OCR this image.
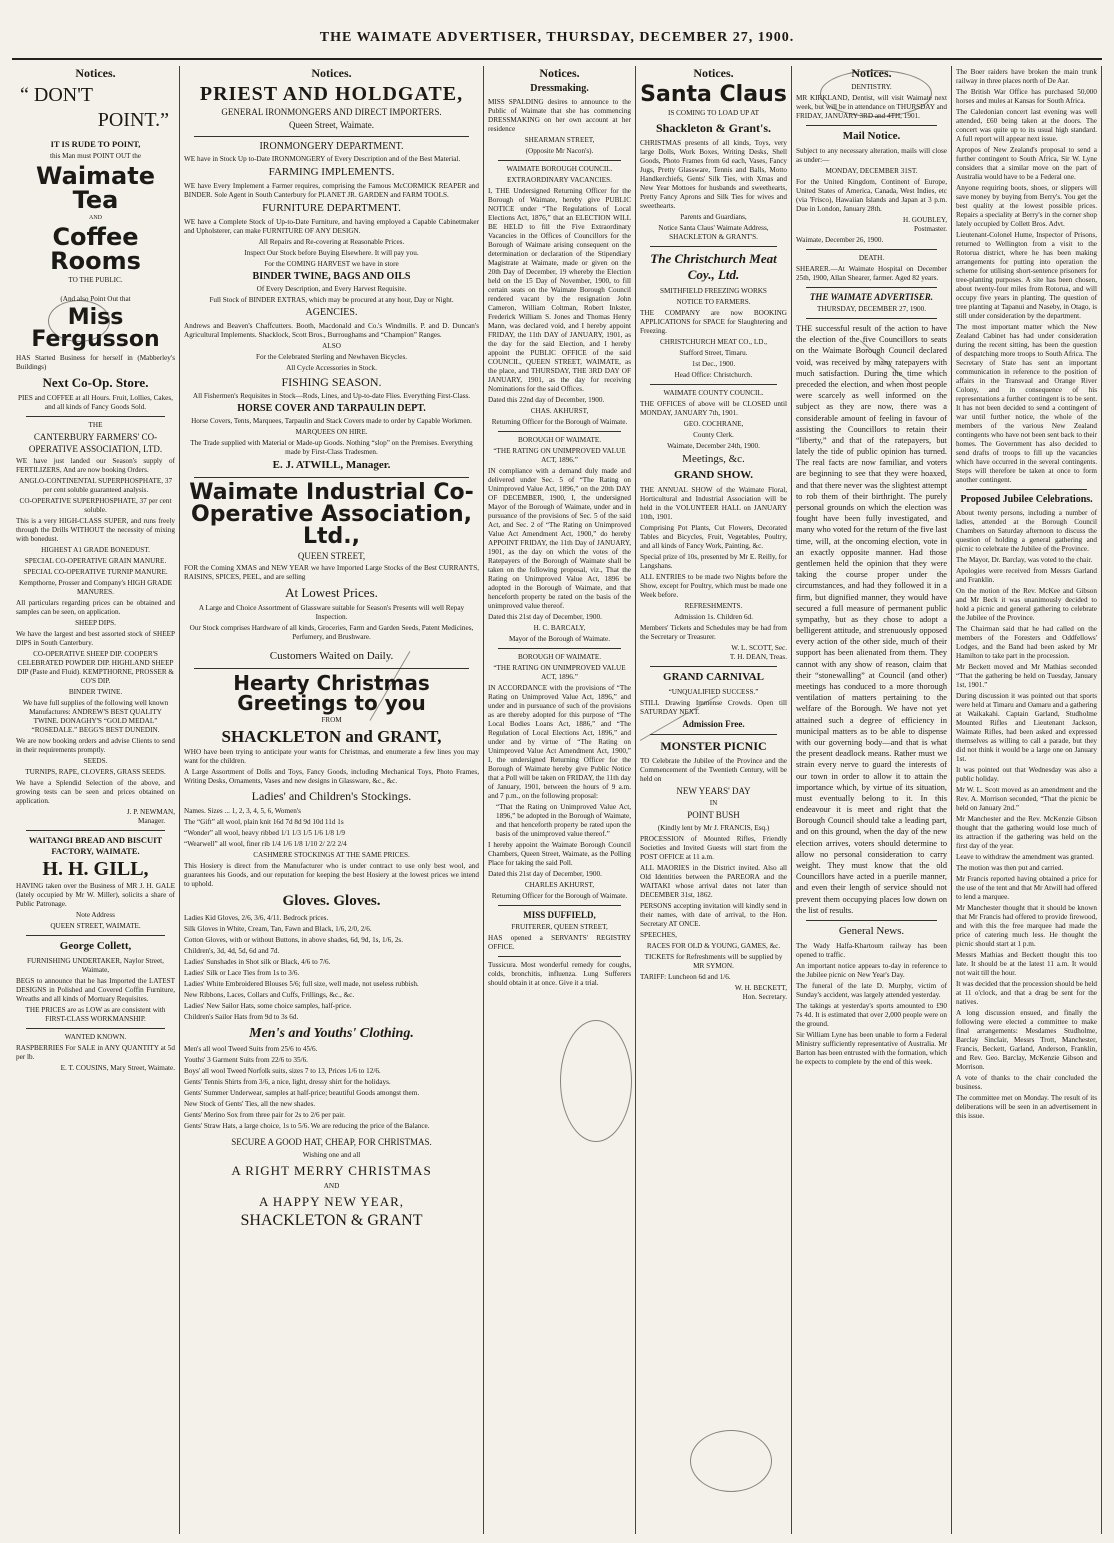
THE WAIMATE ADVERTISER, THURSDAY, DECEMBER 27, 1900.
Notices.
“ DON'T
POINT.”
IT IS RUDE TO POINT,
this Man must POINT OUT the
Waimate Tea
AND
Coffee Rooms
TO THE PUBLIC.
(And also Point Out that
Miss Fergusson
HAS Started Business for herself in (Mabberley's Buildings)
Next Co-Op. Store.
PIES and COFFEE at all Hours. Fruit, Lollies, Cakes, and all kinds of Fancy Goods Sold.
THE
CANTERBURY FARMERS' CO-OPERATIVE ASSOCIATION, LTD.
WE have just landed our Season's supply of FERTILIZERS, And are now booking Orders.
ANGLO-CONTINENTAL SUPERPHOSPHATE, 37 per cent soluble guaranteed analysis.
CO-OPERATIVE SUPERPHOSPHATE, 37 per cent soluble.
This is a very HIGH-CLASS SUPER, and runs freely through the Drills WITHOUT the necessity of mixing with bonedust.
HIGHEST A1 GRADE BONEDUST.
SPECIAL CO-OPERATIVE GRAIN MANURE.
SPECIAL CO-OPERATIVE TURNIP MANURE.
Kempthorne, Prosser and Company's HIGH GRADE MANURES.
All particulars regarding prices can be obtained and samples can be seen, on application.
SHEEP DIPS.
We have the largest and best assorted stock of SHEEP DIPS in South Canterbury.
CO-OPERATIVE SHEEP DIP. COOPER'S CELEBRATED POWDER DIP. HIGHLAND SHEEP DIP (Paste and Fluid). KEMPTHORNE, PROSSER & CO'S DIP.
BINDER TWINE.
We have full supplies of the following well known Manufactures: ANDREW'S BEST QUALITY TWINE. DONAGHY'S “GOLD MEDAL” “ROSEDALE.” BEGG'S BEST DUNEDIN.
We are now booking orders and advise Clients to send in their requirements promptly.
SEEDS.
TURNIPS, RAPE, CLOVERS, GRASS SEEDS.
We have a Splendid Selection of the above, and growing tests can be seen and prices obtained on application.
J. P. NEWMAN,
Manager.
WAITANGI BREAD AND BISCUIT FACTORY, WAIMATE.
H. H. GILL,
HAVING taken over the Business of MR J. H. GALE (lately occupied by Mr W. Miller), solicits a share of Public Patronage.
Note Address
QUEEN STREET, WAIMATE.
George Collett,
FURNISHING UNDERTAKER, Naylor Street, Waimate,
BEGS to announce that he has Imported the LATEST DESIGNS in Polished and Covered Coffin Furniture, Wreaths and all kinds of Mortuary Requisites.
THE PRICES are as LOW as are consistent with FIRST-CLASS WORKMANSHIP.
WANTED KNOWN.
RASPBERRIES For SALE in ANY QUANTITY at 5d per lb.
E. T. COUSINS, Mary Street, Waimate.
Notices.
PRIEST AND HOLDGATE,
GENERAL IRONMONGERS AND DIRECT IMPORTERS.
Queen Street, Waimate.
IRONMONGERY DEPARTMENT.
WE have in Stock Up to-Date IRONMONGERY of Every Description and of the Best Material.
FARMING IMPLEMENTS.
WE have Every Implement a Farmer requires, comprising the Famous McCORMICK REAPER and BINDER. Sole Agent in South Canterbury for PLANET JR. GARDEN and FARM TOOLS.
FURNITURE DEPARTMENT.
WE have a Complete Stock of Up-to-Date Furniture, and having employed a Capable Cabinetmaker and Upholsterer, can make FURNITURE OF ANY DESIGN.
All Repairs and Re-covering at Reasonable Prices.
Inspect Our Stock before Buying Elsewhere. It will pay you.
For the COMING HARVEST we have in store
BINDER TWINE, BAGS AND OILS
Of Every Description, and Every Harvest Requisite.
Full Stock of BINDER EXTRAS, which may be procured at any hour, Day or Night.
AGENCIES.
Andrews and Beaven's Chaffcutters. Booth, Macdonald and Co.'s Windmills. P. and D. Duncan's Agricultural Implements. Shacklock, Scott Bros., Burroughams and “Champion” Ranges.
ALSO
For the Celebrated Sterling and Newhaven Bicycles.
All Cycle Accessories in Stock.
FISHING SEASON.
All Fishermen's Requisites in Stock—Rods, Lines, and Up-to-date Flies. Everything First-Class.
HORSE COVER AND TARPAULIN DEPT.
Horse Covers, Tents, Marquees, Tarpaulin and Stack Covers made to order by Capable Workmen.
MARQUEES ON HIRE.
The Trade supplied with Material or Made-up Goods. Nothing “slop” on the Premises. Everything made by First-Class Tradesmen.
E. J. ATWILL, Manager.
Waimate Industrial Co-Operative Association, Ltd.,
QUEEN STREET,
FOR the Coming XMAS and NEW YEAR we have Imported Large Stocks of the Best CURRANTS, RAISINS, SPICES, PEEL, and are selling
At Lowest Prices.
A Large and Choice Assortment of Glassware suitable for Season's Presents will well Repay Inspection.
Our Stock comprises Hardware of all kinds, Groceries, Farm and Garden Seeds, Patent Medicines, Perfumery, and Brushware.
Customers Waited on Daily.
Hearty Christmas Greetings to you
FROM
SHACKLETON and GRANT,
WHO have been trying to anticipate your wants for Christmas, and enumerate a few lines you may want for the children.
A Large Assortment of Dolls and Toys, Fancy Goods, including Mechanical Toys, Photo Frames, Writing Desks, Ornaments, Vases and new designs in Glassware, &c., &c.
Ladies' and Children's Stockings.
Names. Sizes ... 1, 2, 3, 4, 5, 6, Women's
The “Gift” all wool, plain knit 16d 7d 8d 9d 10d 11d 1s
“Wonder” all wool, heavy ribbed 1/1 1/3 1/5 1/6 1/8 1/9
“Wearwell” all wool, finer rib 1/4 1/6 1/8 1/10 2/ 2/2 2/4
CASHMERE STOCKINGS AT THE SAME PRICES.
This Hosiery is direct from the Manufacturer who is under contract to use only best wool, and guarantees his Goods, and our reputation for keeping the best Hosiery at the lowest prices we intend to uphold.
Gloves. Gloves.
Ladies Kid Gloves, 2/6, 3/6, 4/11. Bedrock prices.
Silk Gloves in White, Cream, Tan, Fawn and Black, 1/6, 2/0, 2/6.
Cotton Gloves, with or without Buttons, in above shades, 6d, 9d, 1s, 1/6, 2s.
Children's, 3d, 4d, 5d, 6d and 7d.
Ladies' Sunshades in Shot silk or Black, 4/6 to 7/6.
Ladies' Silk or Lace Ties from 1s to 3/6.
Ladies' White Embroidered Blouses 5/6; full size, well made, not useless rubbish.
New Ribbons, Laces, Collars and Cuffs, Frillings, &c., &c.
Ladies' New Sailor Hats, some choice samples, half-price.
Children's Sailor Hats from 9d to 3s 6d.
Men's and Youths' Clothing.
Men's all wool Tweed Suits from 25/6 to 45/6.
Youths' 3 Garment Suits from 22/6 to 35/6.
Boys' all wool Tweed Norfolk suits, sizes 7 to 13, Prices 1/6 to 12/6.
Gents' Tennis Shirts from 3/6, a nice, light, dressy shirt for the holidays.
Gents' Summer Underwear, samples at half-price; beautiful Goods amongst them.
New Stock of Gents' Ties, all the new shades.
Gents' Merino Sox from three pair for 2s to 2/6 per pair.
Gents' Straw Hats, a large choice, 1s to 5/6. We are reducing the price of the Balance.
SECURE A GOOD HAT, CHEAP, FOR CHRISTMAS.
Wishing one and all
A RIGHT MERRY CHRISTMAS
AND
A HAPPY NEW YEAR,
SHACKLETON & GRANT
Notices.
Dressmaking.
MISS SPALDING desires to announce to the Public of Waimate that she has commencing DRESSMAKING on her own account at her residence
SHEARMAN STREET,
(Opposite Mr Nacon's).
WAIMATE BOROUGH COUNCIL.
EXTRAORDINARY VACANCIES.
I, THE Undersigned Returning Officer for the Borough of Waimate, hereby give PUBLIC NOTICE under “The Regulations of Local Elections Act, 1876,” that an ELECTION WILL BE HELD to fill the Five Extraordinary Vacancies in the Offices of Councillors for the Borough of Waimate arising consequent on the determination or declaration of the Stipendiary Magistrate at Waimate, made or given on the 20th Day of December, 19 whereby the Election held on the 15 Day of November, 1900, to fill certain seats on the Waimate Borough Council rendered vacant by the resignation John Cameron, William Coltman, Robert Inkster, Frederick William S. Jones and Thomas Henry Mann, was declared void, and I hereby appoint FRIDAY, the 11th DAY of JANUARY, 1901, as the day for the said Election, and I hereby appoint the PUBLIC OFFICE of the said COUNCIL, QUEEN STREET, WAIMATE, as the place, and THURSDAY, THE 3RD DAY OF JANUARY, 1901, as the day for receiving Nominations for the said Offices.
Dated this 22nd day of December, 1900.
CHAS. AKHURST,
Returning Officer for the Borough of Waimate.
BOROUGH OF WAIMATE.
“THE RATING ON UNIMPROVED VALUE ACT, 1896.”
IN compliance with a demand duly made and delivered under Sec. 5 of “The Rating on Unimproved Value Act, 1896,” on the 20th DAY OF DECEMBER, 1900, I, the undersigned Mayor of the Borough of Waimate, under and in pursuance of the provisions of Sec. 5 of the said Act, and Sec. 2 of “The Rating on Unimproved Value Act Amendment Act, 1900,” do hereby APPOINT FRIDAY, the 11th Day of JANUARY, 1901, as the day on which the votes of the Ratepayers of the Borough of Waimate shall be taken on the following proposal, viz., That the Rating on Unimproved Value Act, 1896 be adopted in the Borough of Waimate, and that henceforth property be rated on the basis of the unimproved value thereof.
Dated this 21st day of December, 1900.
H. C. BARCALY,
Mayor of the Borough of Waimate.
BOROUGH OF WAIMATE.
“THE RATING ON UNIMPROVED VALUE ACT, 1896.”
IN ACCORDANCE with the provisions of “The Rating on Unimproved Value Act, 1896,” and under and in pursuance of such of the provisions as are thereby adopted for this purpose of “The Local Bodies Loans Act, 1886,” and “The Regulation of Local Elections Act, 1896,” and under and by virtue of “The Rating on Unimproved Value Act Amendment Act, 1900,” I, the undersigned Returning Officer for the Borough of Waimate hereby give Public Notice that a Poll will be taken on FRIDAY, the 11th day of January, 1901, between the hours of 9 a.m. and 7 p.m., on the following proposal:
“That the Rating on Unimproved Value Act, 1896,” be adopted in the Borough of Waimate, and that henceforth property be rated upon the basis of the unimproved value thereof.”
I hereby appoint the Waimate Borough Council Chambers, Queen Street, Waimate, as the Polling Place for taking the said Poll.
Dated this 21st day of December, 1900.
CHARLES AKHURST,
Returning Officer for the Borough of Waimate.
MISS DUFFIELD,
FRUITERER, QUEEN STREET,
HAS opened a SERVANTS' REGISTRY OFFICE.
Tussicura. Most wonderful remedy for coughs, colds, bronchitis, influenza. Lung Sufferers should obtain it at once. Give it a trial.
Notices.
Santa Claus
IS COMING TO LOAD UP AT
Shackleton & Grant's.
CHRISTMAS presents of all kinds, Toys, very large Dolls, Work Boxes, Writing Desks, Shell Goods, Photo Frames from 6d each, Vases, Fancy Jugs, Pretty Glassware, Tennis and Balls, Motto Handkerchiefs, Gents' Silk Ties, with Xmas and New Year Mottoes for husbands and sweethearts, Pretty Fancy Aprons and Silk Ties for wives and sweethearts.
Parents and Guardians,
Notice Santa Claus' Waimate Address, SHACKLETON & GRANT'S.
The Christchurch Meat Coy., Ltd.
SMITHFIELD FREEZING WORKS
NOTICE TO FARMERS.
THE COMPANY are now BOOKING APPLICATIONS for SPACE for Slaughtering and Freezing.
CHRISTCHURCH MEAT CO., LD.,
Stafford Street, Timaru.
1st Dec., 1900.
Head Office: Christchurch.
WAIMATE COUNTY COUNCIL.
THE OFFICES of above will be CLOSED until MONDAY, JANUARY 7th, 1901.
GEO. COCHRANE,
County Clerk.
Waimate, December 24th, 1900.
Meetings, &c.
GRAND SHOW.
THE ANNUAL SHOW of the Waimate Floral, Horticultural and Industrial Association will be held in the VOLUNTEER HALL on JANUARY 10th, 1901.
Comprising Pot Plants, Cut Flowers, Decorated Tables and Bicycles, Fruit, Vegetables, Poultry, and all kinds of Fancy Work, Painting, &c.
Special prize of 10s, presented by Mr E. Reilly, for Langshans.
ALL ENTRIES to be made two Nights before the Show, except for Poultry, which must be made one Week before.
REFRESHMENTS.
Admission 1s. Children 6d.
Members' Tickets and Schedules may be had from the Secretary or Treasurer.
W. L. SCOTT, Sec.
T. H. DEAN, Treas.
GRAND CARNIVAL
“UNQUALIFIED SUCCESS.”
STILL Drawing Immense Crowds. Open till SATURDAY NEXT.
Admission Free.
MONSTER PICNIC
TO Celebrate the Jubilee of the Province and the Commencement of the Twentieth Century, will be held on
NEW YEARS' DAY
IN
POINT BUSH
(Kindly lent by Mr J. FRANCIS, Esq.)
PROCESSION of Mounted Rifles, Friendly Societies and Invited Guests will start from the POST OFFICE at 11 a.m.
ALL MAORIES in the District invited. Also all Old Identities between the PAREORA and the WAITAKI whose arrival dates not later than DECEMBER 31st, 1862.
PERSONS accepting invitation will kindly send in their names, with date of arrival, to the Hon. Secretary AT ONCE.
SPEECHES,
RACES FOR OLD & YOUNG, GAMES, &c.
TICKETS for Refreshments will be supplied by MR SYMON.
TARIFF: Luncheon 6d and 1/6.
W. H. BECKETT,
Hon. Secretary.
Notices.
DENTISTRY.
MR KIRKLAND, Dentist, will visit Waimate next week, but will be in attendance on THURSDAY and FRIDAY, JANUARY 3RD and 4TH, 1901.
Mail Notice.
Subject to any necessary alteration, mails will close as under:—
MONDAY, DECEMBER 31ST.
For the United Kingdom, Continent of Europe, United States of America, Canada, West Indies, etc (via 'Frisco), Hawaiian Islands and Japan at 3 p.m. Due in London, January 28th.
H. GOUBLEY,
Postmaster.
Waimate, December 26, 1900.
DEATH.
SHEARER.—At Waimate Hospital on December 25th, 1900, Allan Shearer, farmer. Aged 82 years.
THE WAIMATE ADVERTISER.
THURSDAY, DECEMBER 27, 1900.
THE successful result of the action to have the election of the five Councillors to seats on the Waimate Borough Council declared void, was received by many ratepayers with much satisfaction. During the time which preceded the election, and when most people were scarcely as well informed on the subject as they are now, there was a considerable amount of feeling in favour of assisting the Councillors to retain their “liberty,” and that of the ratepayers, but lately the tide of public opinion has turned. The real facts are now familiar, and voters are beginning to see that they were hoaxed, and that there never was the slightest attempt to rob them of their birthright. The purely personal grounds on which the election was fought have been fully investigated, and many who voted for the return of the five last time, will, at the oncoming election, vote in an exactly opposite manner. Had those gentlemen held the opinion that they were taking the course proper under the circumstances, and had they followed it in a firm, but dignified manner, they would have secured a full measure of permanent public sympathy, but as they chose to adopt a belligerent attitude, and strenuously opposed every action of the other side, much of their support has been alienated from them. They cannot with any show of reason, claim that their “stonewalling” at Council (and other) meetings has conduced to a more thorough ventilation of matters pertaining to the welfare of the Borough. We have not yet attained such a degree of efficiency in municipal matters as to be able to dispense with our governing body—and that is what the present deadlock means. Rather must we strain every nerve to guard the interests of our town in order to allow it to attain the importance which, by virtue of its situation, must eventually belong to it. In this endeavour it is meet and right that the Borough Council should take a leading part, and on this ground, when the day of the new election arrives, voters should determine to allow no personal consideration to carry weight. They must know that the old Councillors have acted in a puerile manner, and even their length of service should not prevent them occupying places low down on the list of results.
General News.
The Wady Halfa-Khartoum railway has been opened to traffic.
An important notice appears to-day in reference to the Jubilee picnic on New Year's Day.
The funeral of the late D. Murphy, victim of Sunday's accident, was largely attended yesterday.
The takings at yesterday's sports amounted to £90 7s 4d. It is estimated that over 2,000 people were on the ground.
Sir William Lyne has been unable to form a Federal Ministry sufficiently representative of Australia. Mr Barton has been entrusted with the formation, which he expects to complete by the end of this week.
The Boer raiders have broken the main trunk railway in three places north of De Aar.
The British War Office has purchased 50,000 horses and mules at Kansas for South Africa.
The Caledonian concert last evening was well attended, £60 being taken at the doors. The concert was quite up to its usual high standard. A full report will appear next issue.
Apropos of New Zealand's proposal to send a further contingent to South Africa, Sir W. Lyne considers that a similar move on the part of Australia would have to be a Federal one.
Anyone requiring boots, shoes, or slippers will save money by buying from Berry's. You get the best quality at the lowest possible prices. Repairs a speciality at Berry's in the corner shop lately occupied by Collett Bros. Advt.
Lieutenant-Colonel Hume, Inspector of Prisons, returned to Wellington from a visit to the Rotorua district, where he has been making arrangements for putting into operation the scheme for utilising short-sentence prisoners for tree-planting purposes. A site has been chosen, about twenty-four miles from Rotorua, and will occupy five years in planting. The question of tree planting at Tapanui and Naseby, in Otago, is still under consideration by the department.
The most important matter which the New Zealand Cabinet has had under consideration during the recent sitting, has been the question of despatching more troops to South Africa. The Secretary of State has sent an important communication in reference to the position of affairs in the Transvaal and Orange River Colony, and in consequence of his representations a further contingent is to be sent. It has not been decided to send a contingent of war until further notice, the whole of the members of the various New Zealand contingents who have not been sent back to their homes. The Government has also decided to send drafts of troops to fill up the vacancies which have occurred in the several contingents. Steps will therefore be taken at once to form another contingent.
Proposed Jubilee Celebrations.
About twenty persons, including a number of ladies, attended at the Borough Council Chambers on Saturday afternoon to discuss the question of holding a general gathering and picnic to celebrate the Jubilee of the Province.
The Mayor, Dr. Barclay, was voted to the chair.
Apologies were received from Messrs Garland and Franklin.
On the motion of the Rev. McKee and Gibson and Mr Beck it was unanimously decided to hold a picnic and general gathering to celebrate the Jubilee of the Province.
The Chairman said that he had called on the members of the Foresters and Oddfellows' Lodges, and the Band had been asked by Mr Hamilton to take part in the procession.
Mr Beckett moved and Mr Mathias seconded “That the gathering be held on Tuesday, January 1st, 1901.”
During discussion it was pointed out that sports were held at Timaru and Oamaru and a gathering at Waikakahi. Captain Garland, Studholme Mounted Rifles and Lieutenant Jackson, Waimate Rifles, had been asked and expressed themselves as willing to call a parade, but they did not think it would be a large one on January 1st.
It was pointed out that Wednesday was also a public holiday.
Mr W. L. Scott moved as an amendment and the Rev. A. Morrison seconded, “That the picnic be held on January 2nd.”
Mr Manchester and the Rev. McKenzie Gibson thought that the gathering would lose much of its attraction if the gathering was held on the first day of the year.
Leave to withdraw the amendment was granted.
The motion was then put and carried.
Mr Francis reported having obtained a price for the use of the tent and that Mr Atwill had offered to lend a marquee.
Mr Manchester thought that it should be known that Mr Francis had offered to provide firewood, and with this the free marquee had made the price of catering much less. He thought the picnic should start at 1 p.m.
Messrs Mathias and Beckett thought this too late. It should be at the latest 11 a.m. It would not wait till the hour.
It was decided that the procession should be held at 11 o'clock, and that a drag be sent for the natives.
A long discussion ensued, and finally the following were elected a committee to make final arrangements: Mesdames Studholme, Barclay Sinclair, Messrs Trott, Manchester, Francis, Beckett, Garland, Anderson, Franklin, and Rev. Geo. Barclay, McKenzie Gibson and Morrison.
A vote of thanks to the chair concluded the business.
The committee met on Monday. The result of its deliberations will be seen in an advertisement in this issue.
